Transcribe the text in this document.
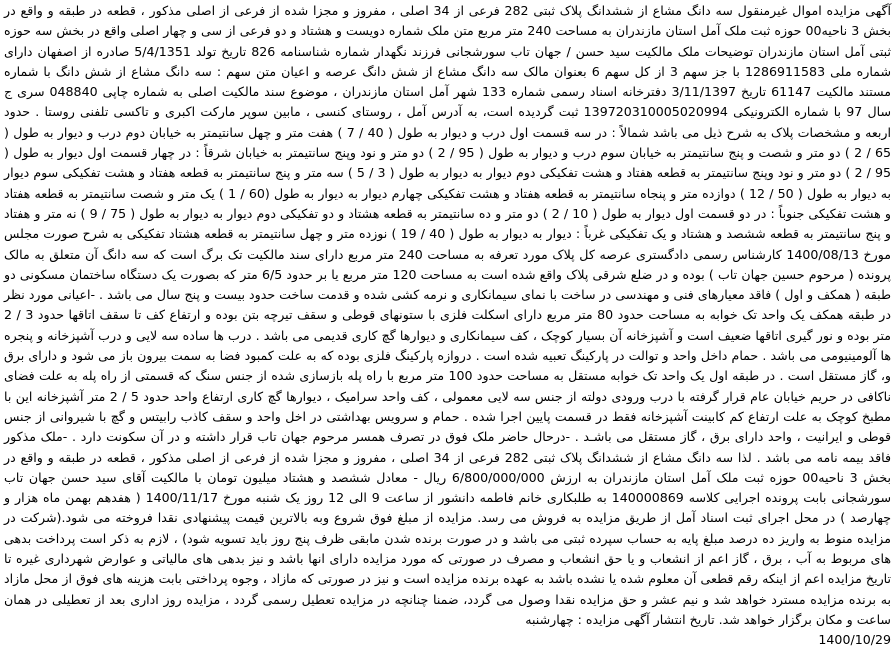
آگهی مزایده اموال غیرمنقول سه دانگ مشاع از ششدانگ پلاک ثبتی 282 فرعی از 34 اصلی ، مفروز و مجزا شده از فرعی از اصلی مذکور ، قطعه در طبقه و واقع در بخش 3 ناحیه00 حوزه ثبت ملک آمل استان مازندران به مساحت 240 متر مربع متن ملک شماره دویست و هشتاد و دو فرعی از سی و چهار اصلی واقع در بخش سه حوزه ثبتی آمل استان مازندران توضیحات ملک مالکیت سید حسن / جهان تاب سورشجانی فرزند نگهدار شماره شناسنامه 826 تاریخ تولد 5/4/1351 صادره از اصفهان دارای شماره ملی 1286911583 با جز سهم 3 از کل سهم 6 بعنوان مالک سه دانگ مشاع از شش دانگ عرصه و اعیان متن سهم : سه دانگ مشاع از شش دانگ با شماره مستند مالکیت 61147 تاریخ 3/11/1397 دفترخانه اسناد رسمی شماره 133 شهر آمل استان مازندران ، موضوع سند مالکیت اصلی به شماره چاپی 048840 سری ج سال 97 با شماره الکترونیکی 139720310005020994 ثبت گردیده است، به آدرس آمل ، روستای کنسی ، مابین سوپر مارکت اکبری و تاکسی تلفنی روستا . حدود اربعه و مشخصات پلاک به شرح ذیل می باشد شمالاً : در سه قسمت اول درب و دیوار به طول ( 40 / 7 ) هفت متر و چهل سانتیمتر به خیابان دوم درب و دیوار به طول ( 65 / 2 ) دو متر و شصت و پنج سانتیمتر به خیابان سوم درب و دیوار به طول ( 95 / 2 ) دو متر و نود وپنج سانتیمتر به خیابان شرقاً : در چهار قسمت اول دیوار به طول ( 95 / 2 ) دو متر و نود وپنج سانتیمتر به قطعه هفتاد و هشت تفکیکی دوم دیوار به دیوار به طول ( 3 / 5 ) سه متر و پنج سانتیمتر به قطعه هفتاد و هشت تفکیکی سوم دیوار به دیوار به طول ( 50 / 12 ) دوازده متر و پنجاه سانتیمتر به قطعه هفتاد و هشت تفکیکی چهارم دیوار به دیوار به طول (60 / 1 ) یک متر و شصت سانتیمتر به قطعه هفتاد و هشت تفکیکی جنوباً : در دو قسمت اول دیوار به طول ( 10 / 2 ) دو متر و ده سانتیمتر به قطعه هشتاد و دو تفکیکی دوم دیوار به دیوار به طول ( 75 / 9 ) نه متر و هفتاد و پنج سانتیمتر به قطعه ششصد و هشتاد و یک تفکیکی غرباً : دیوار به دیوار به طول ( 40 / 19 ) نوزده متر و چهل سانتیمتر به قطعه هشتاد تفکیکی به شرح صورت مجلس مورخ 1400/08/13 کارشناس رسمی دادگستری عرصه کل پلاک مورد تعرفه به مساحت 240 متر مربع دارای سند مالکیت تک برگ است که سه دانگ آن متعلق به مالک پرونده ( مرحوم حسین جهان تاب ) بوده و در ضلع شرقی پلاک واقع شده است به مساحت 120 متر مربع یا بر حدود 6/5 متر که بصورت یک دستگاه ساختمان مسکونی دو طبقه ( همکف و اول ) فاقد معیارهای فنی و مهندسی در ساخت با نمای سیمانکاری و نرمه کشی شده و قدمت ساخت حدود بیست و پنج سال می باشد . -اعیانی مورد نظر در طبقه همکف یک واحد تک خوابه به مساحت حدود 80 متر مربع دارای اسکلت فلزی با ستونهای قوطی و سقف تیرچه بتن بوده و ارتفاع کف تا سقف اتاقها حدود 3 / 2 متر بوده و نور گیری اتاقها ضعیف است و آشپزخانه آن بسیار کوچک ، کف سیمانکاری و دیوارها گچ کاری قدیمی می باشد . درب ها ساده سه لایی و درب آشپزخانه و پنجره ها آلومینیومی می باشد . حمام داخل واحد و توالت در پارکینگ تعبیه شده است . دروازه پارکینگ فلزی بوده که به علت کمبود فضا به سمت بیرون باز می شود و دارای برق و، گاز مستقل است . در طبقه اول یک واحد تک خوابه مستقل به مساحت حدود 100 متر مربع با راه پله بازسازی شده از جنس سنگ که قسمتی از راه پله به علت فضای ناکافی در حریم خیابان عام قرار گرفته با درب ورودی دولته از جنس سه لایی معمولی ، کف واحد سرامیک ، دیوارها گچ کاری ارتفاع واحد حدود 5 / 2 متر آشپزخانه این با مطبخ کوچک به علت ارتفاع کم کابینت آشپزخانه فقط در قسمت پایین اجرا شده . حمام و سرویس بهداشتی در اخل واحد و سقف کاذب رابیتس و گچ با شیروانی از جنس قوطی و ایرانیت ، واحد دارای برق ، گاز مستقل می باشـد . -درحال حاضر ملک فوق در تصرف همسر مرحوم جهان تاب قرار داشته و در آن سکونت دارد . -ملک مذکور فاقد بیمه نامه می باشد . لذا سه دانگ مشاع از ششدانگ پلاک ثبتی 282 فرعی از 34 اصلی ، مفروز و مجزا شده از فرعی از اصلی مذکور ، قطعه در طبقه و واقع در بخش 3 ناحیه00 حوزه ثبت ملک آمل استان مازندران به ارزش 6/800/000/000 ریال - معادل ششصد و هشتاد میلیون تومان با مالکیت آقای سید حسن جهان تاب سورشجانی بابت پرونده اجرایی کلاسه 140000869 به طلبکاری خانم فاطمه دانشور از ساعت 9 الی 12 روز یک شنبه مورخ 1400/11/17 ( هفدهم بهمن ماه هزار و چهارصد ) در محل اجرای ثبت اسناد آمل از طریق مزایده به فروش می رسد. مزایده از مبلغ فوق شروع وبه بالاترین قیمت پیشنهادی نقدا فروخته می شود.(شرکت در مزایده منوط به واریز ده درصد مبلغ پایه به حساب سپرده ثبتی می باشد و در صورت برنده شدن مابقی ظرف پنج روز باید تسویه شود) ، لازم به ذکر است پرداخت بدهی های مربوط به آب ، برق ، گاز اعم از انشعاب و یا حق انشعاب و مصرف در صورتی که مورد مزایده دارای انها باشد و نیز بدهی های مالیاتی و عوارض شهرداری غیره تا تاریخ مزایده اعم از اینکه رقم قطعی آن معلوم شده یا نشده باشد به عهده برنده مزایده است و نیز در صورتی که مازاد ، وجوه پرداختی بابت هزینه های فوق از محل مازاد به برنده مزایده مسترد خواهد شد و نیم عشر و حق مزایده نقدا وصول می گردد، ضمنا چنانچه در مزایده تعطیل رسمی گردد ، مزایده روز اداری بعد از تعطیلی در همان ساعت و مکان برگزار خواهد شد. تاریخ انتشار آگهی مزایده : چهارشنبه

1400/10/29
